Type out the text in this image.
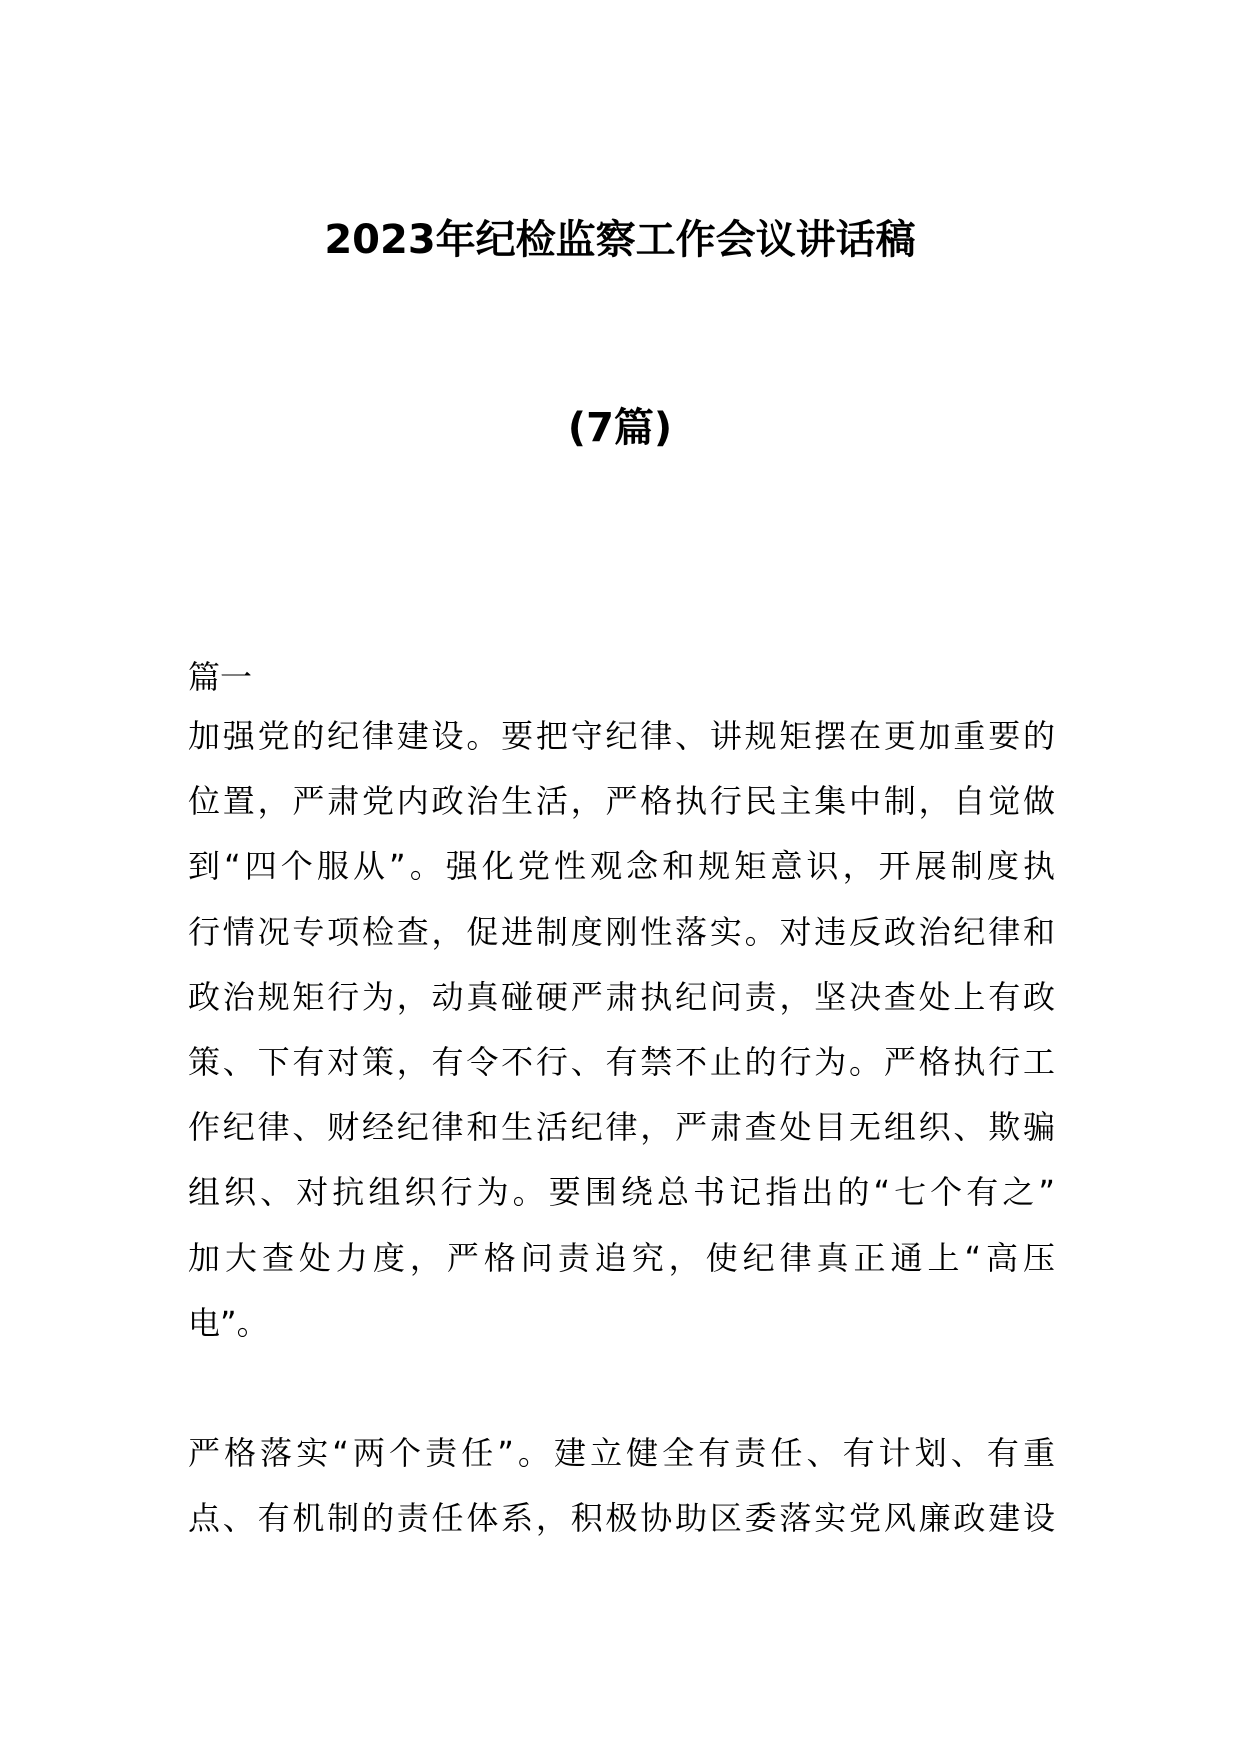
2023年纪检监察工作会议讲话稿
(7篇)
篇一
加强党的纪律建设。要把守纪律、讲规矩摆在更加重要的
位置，严肃党内政治生活，严格执行民主集中制，自觉做
到“四个服从”。强化党性观念和规矩意识，开展制度执
行情况专项检查，促进制度刚性落实。对违反政治纪律和
政治规矩行为，动真碰硬严肃执纪问责，坚决查处上有政
策、下有对策，有令不行、有禁不止的行为。严格执行工
作纪律、财经纪律和生活纪律，严肃查处目无组织、欺骗
组织、对抗组织行为。要围绕总书记指出的“七个有之”
加大查处力度，严格问责追究，使纪律真正通上“高压
电”。
严格落实“两个责任”。建立健全有责任、有计划、有重
点、有机制的责任体系，积极协助区委落实党风廉政建设
